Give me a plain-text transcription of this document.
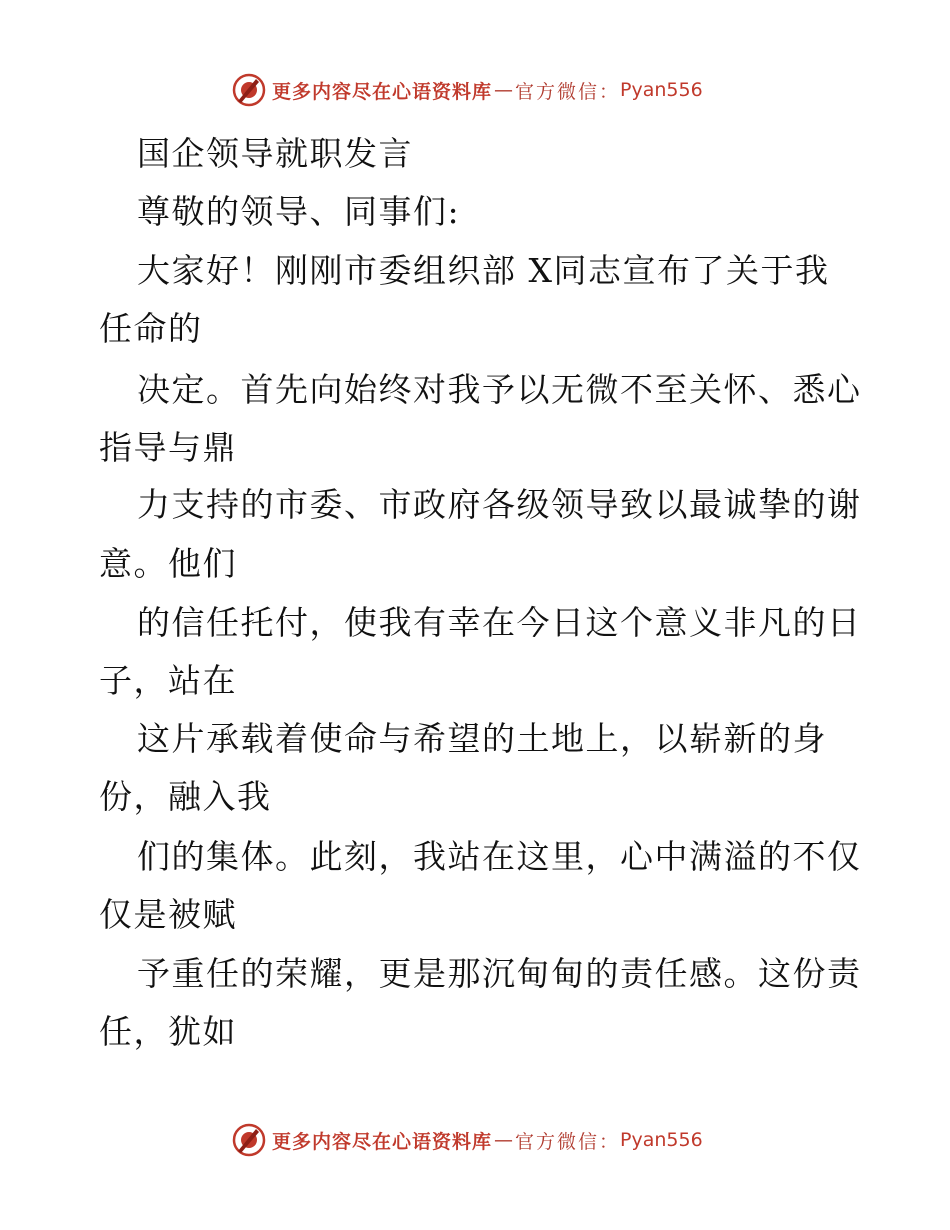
更多内容尽在心语资料库 — 官方微信： Pyan556
国企领导就职发言
尊敬的领导、同事们:
大家好！刚刚市委组织部 X同志宣布了关于我
任命的
决定。首先向始终对我予以无微不至关怀、悉心
指导与鼎
力支持的市委、市政府各级领导致以最诚挚的谢
意。他们
的信任托付，使我有幸在今日这个意义非凡的日
子，站在
这片承载着使命与希望的土地上，以崭新的身
份，融入我
们的集体。此刻，我站在这里，心中满溢的不仅
仅是被赋
予重任的荣耀，更是那沉甸甸的责任感。这份责
任，犹如
更多内容尽在心语资料库 — 官方微信： Pyan556
